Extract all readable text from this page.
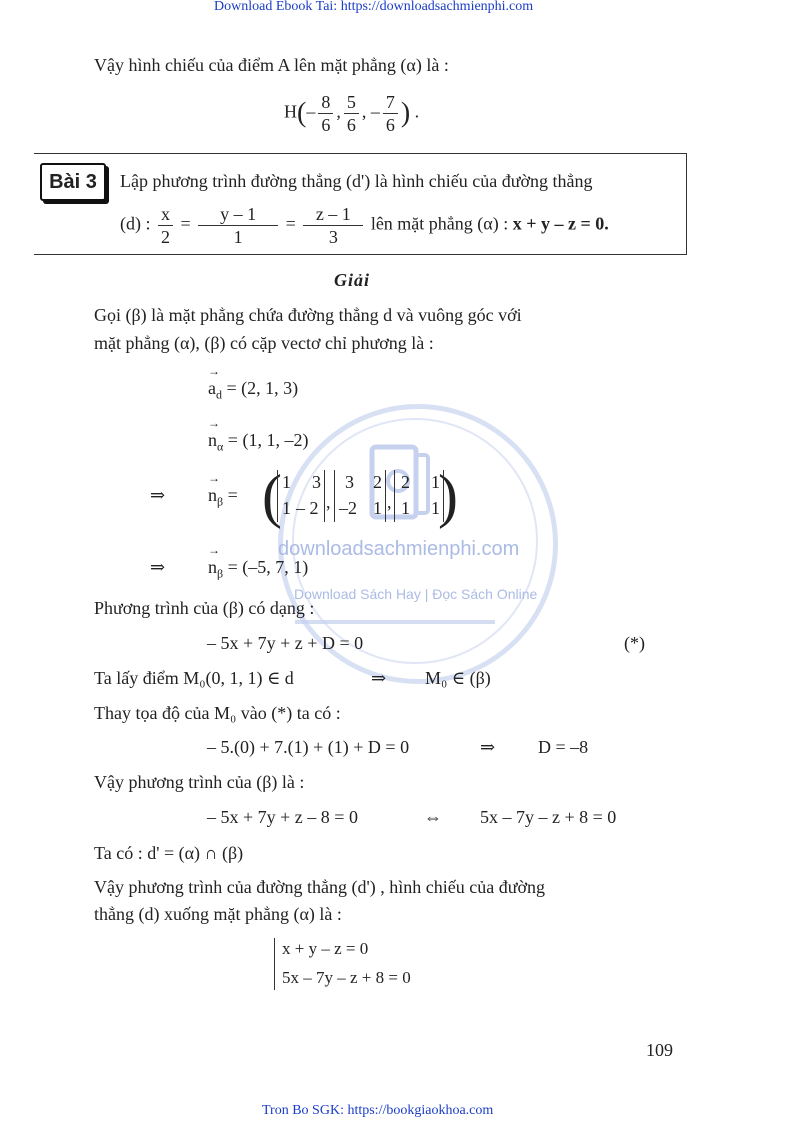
Download Ebook Tai: https://downloadsachmienphi.com
Tron Bo SGK: https://bookgiaokhoa.com
109
downloadsachmienphi.com
Download Sách Hay | Đọc Sách Online
Vậy hình chiếu của điểm A lên mặt phẳng (α) là :
$H(- \frac{8}{6}$ , $\frac{5}{6}$ , – $\frac{7}{6}$ ) .
Bài 3	Lập phương trình đường thẳng (d') là hình chiếu của đường thẳng
(d) : $\frac{x}{2} = \frac{y - 1}{1} = \frac{z - 1}{3}$ lên mặt phẳng (α) : x + y – z = 0.
Giải
Gọi (β) là mặt phẳng chứa đường thẳng d và vuông góc với
mặt phẳng (α), (β) có cặp vectơ chỉ phương là :
→ $a_d = (2$, 1, 3)
→ $n_\alpha = (1$, 1, –2)
⇒ → $n_\beta$ = (	)
1 3
1 – 2 ,
3 2
–2 1 ,
2 1
1 1
⇒ → $n_\beta = (-5$, 7, 1)
Phương trình của (β) có dạng :
– 5x + 7y + z + D = 0	(*)
Ta lấy điểm M₀(0, 1, 1) ∈ d	⇒ M₀ ∈ (β)
Thay tọa độ của M₀ vào (*) ta có :
– 5.(0) + 7.(1) + (1) + D = 0	⇒ D = –8
Vậy phương trình của (β) là :
– 5x + 7y + z – 8 = 0	⇔ 5x – 7y – z + 8 = 0
Ta có : d' = (α) ∩ (β)
Vậy phương trình của đường thẳng (d') , hình chiếu của đường
thẳng (d) xuống mặt phẳng (α) là :
x + y – z = 0
5x – 7y – z + 8 = 0
